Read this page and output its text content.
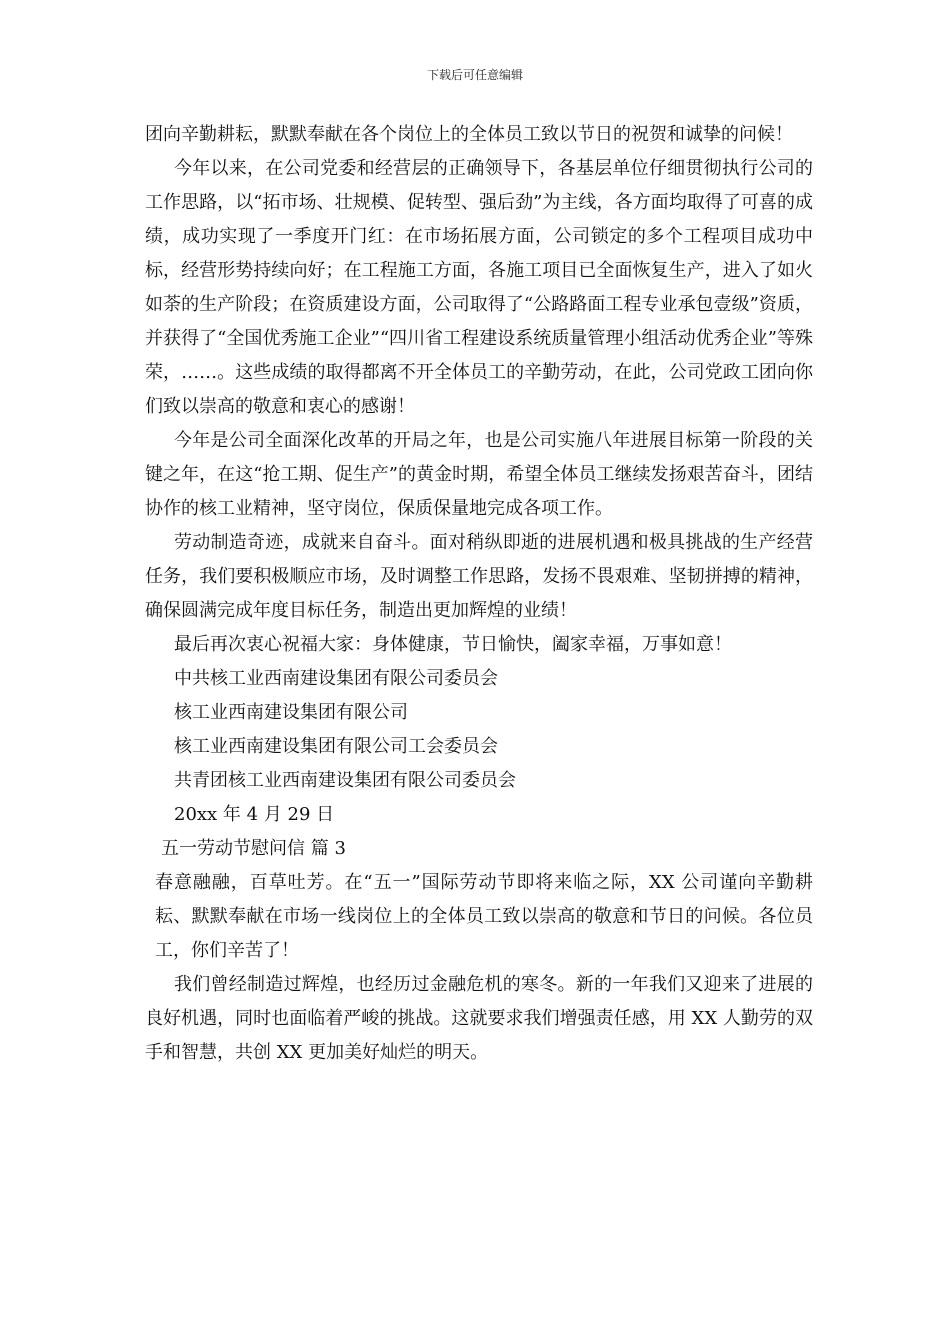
下载后可任意编辑

团向辛勤耕耘，默默奉献在各个岗位上的全体员工致以节日的祝贺和诚挚的问候！

今年以来，在公司党委和经营层的正确领导下，各基层单位仔细贯彻执行公司的工作思路，以“拓市场、壮规模、促转型、强后劲”为主线，各方面均取得了可喜的成绩，成功实现了一季度开门红：在市场拓展方面，公司锁定的多个工程项目成功中标，经营形势持续向好；在工程施工方面，各施工项目已全面恢复生产，进入了如火如荼的生产阶段；在资质建设方面，公司取得了“公路路面工程专业承包壹级”资质，并获得了“全国优秀施工企业”“四川省工程建设系统质量管理小组活动优秀企业”等殊荣，……。这些成绩的取得都离不开全体员工的辛勤劳动，在此，公司党政工团向你们致以崇高的敬意和衷心的感谢！

今年是公司全面深化改革的开局之年，也是公司实施八年进展目标第一阶段的关键之年，在这“抢工期、促生产”的黄金时期，希望全体员工继续发扬艰苦奋斗，团结协作的核工业精神，坚守岗位，保质保量地完成各项工作。

劳动制造奇迹，成就来自奋斗。面对稍纵即逝的进展机遇和极具挑战的生产经营任务，我们要积极顺应市场，及时调整工作思路，发扬不畏艰难、坚韧拼搏的精神，确保圆满完成年度目标任务，制造出更加辉煌的业绩！

最后再次衷心祝福大家：身体健康，节日愉快，阖家幸福，万事如意！

中共核工业西南建设集团有限公司委员会

核工业西南建设集团有限公司

核工业西南建设集团有限公司工会委员会

共青团核工业西南建设集团有限公司委员会

20xx 年 4 月 29 日

五一劳动节慰问信 篇 3

春意融融，百草吐芳。在“五一”国际劳动节即将来临之际，XX 公司谨向辛勤耕耘、默默奉献在市场一线岗位上的全体员工致以崇高的敬意和节日的问候。各位员工，你们辛苦了！

我们曾经制造过辉煌，也经历过金融危机的寒冬。新的一年我们又迎来了进展的良好机遇，同时也面临着严峻的挑战。这就要求我们增强责任感，用 XX 人勤劳的双手和智慧，共创 XX 更加美好灿烂的明天。
